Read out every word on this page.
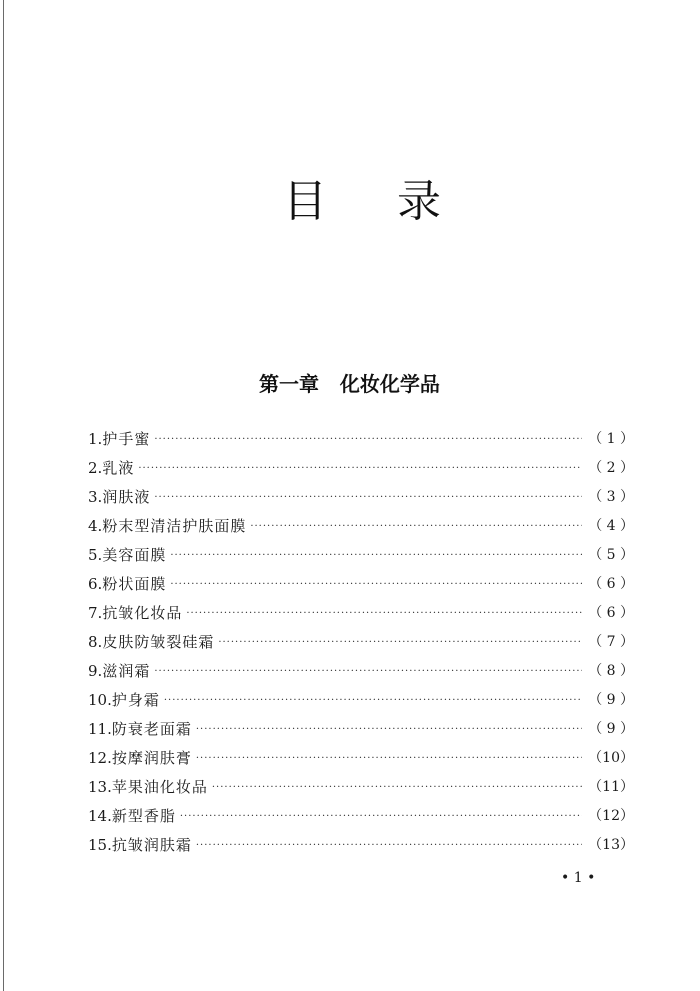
目 录
第一章   化妆化学品
1. 护手蜜 ·····	（ 1 ）
2. 乳液 ·····	（ 2 ）
3. 润肤液 ·····	（ 3 ）
4. 粉末型清洁护肤面膜 ·····	（ 4 ）
5. 美容面膜 ·····	（ 5 ）
6. 粉状面膜 ·····	（ 6 ）
7. 抗皱化妆品 ·····	（ 6 ）
8. 皮肤防皱裂硅霜 ·····	（ 7 ）
9. 滋润霜 ·····	（ 8 ）
10. 护身霜 ·····	（ 9 ）
11. 防衰老面霜 ·····	（ 9 ）
12. 按摩润肤膏 ·····	（10）
13. 苹果油化妆品 ·····	（11）
14. 新型香脂 ·····	（12）
15. 抗皱润肤霜 ·····	（13）
• 1 •
